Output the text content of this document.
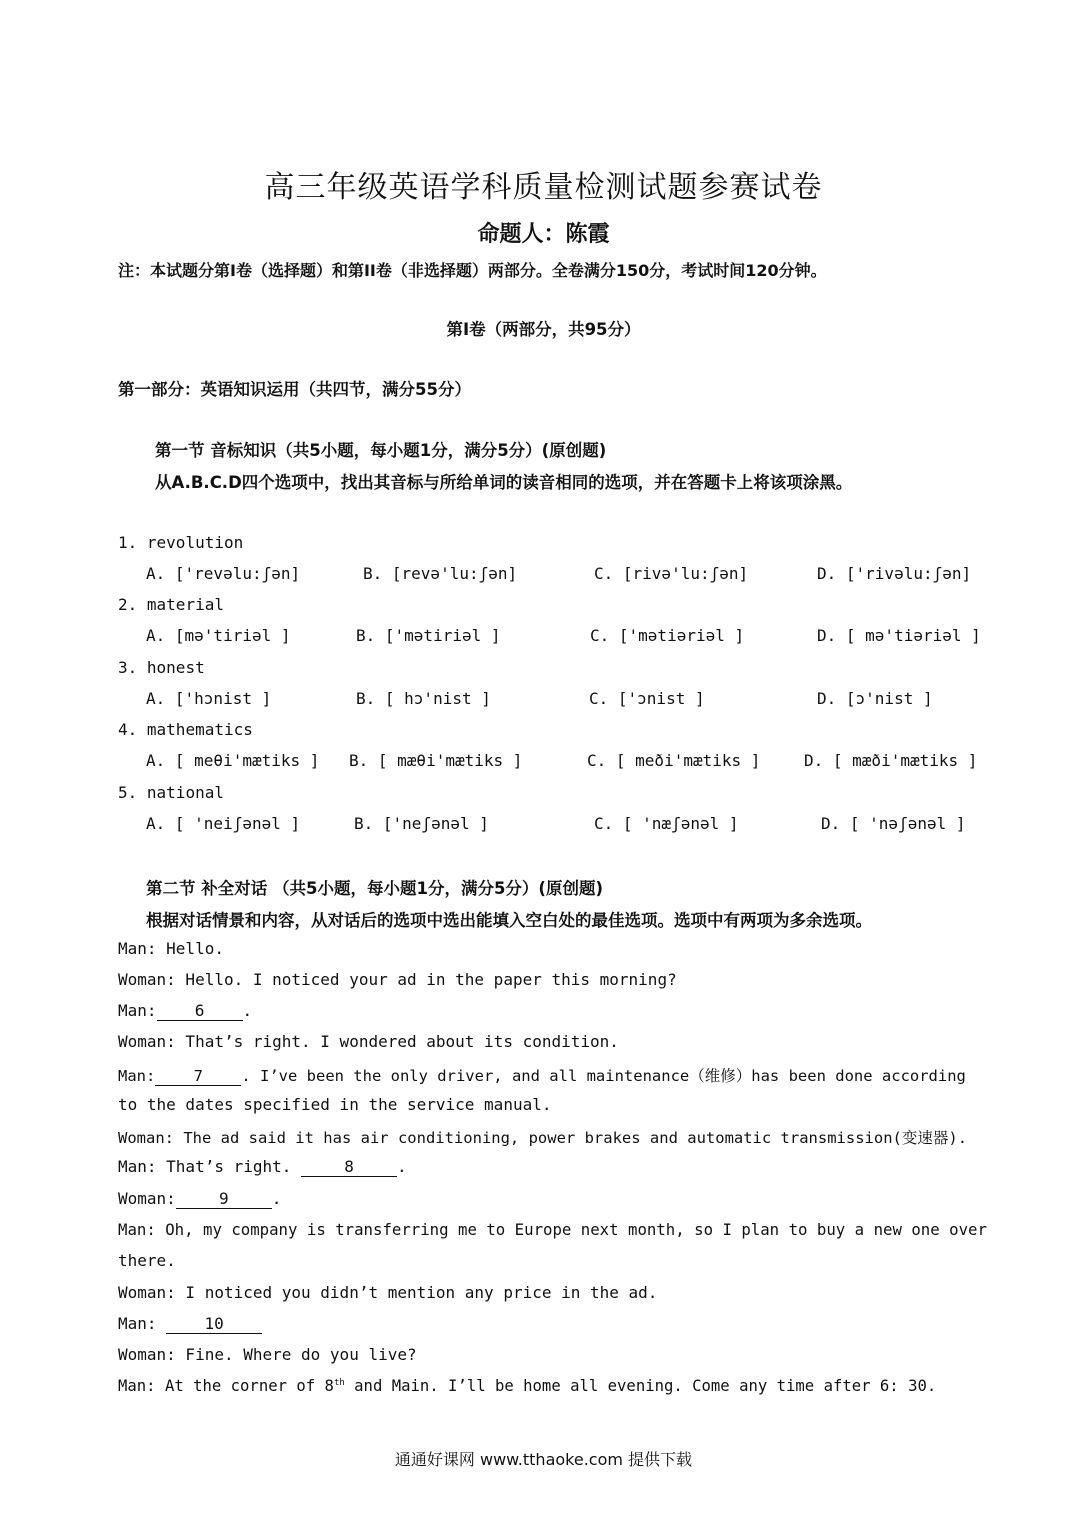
高三年级英语学科质量检测试题参赛试卷
命题人：陈霞
注：本试题分第Ⅰ卷（选择题）和第II卷（非选择题）两部分。全卷满分150分，考试时间120分钟。
第Ⅰ卷（两部分，共95分）
第一部分：英语知识运用（共四节，满分55分）
第一节 音标知识（共5小题，每小题1分，满分5分）(原创题)
从A.B.C.D四个选项中，找出其音标与所给单词的读音相同的选项，并在答题卡上将该项涂黑。
1. revolution
A. ['revəlu:ʃən]	B. [revə'lu:ʃən]	C. [rivə'lu:ʃən]	D. ['rivəlu:ʃən]
2. material
A. [mə'tiriəl ]	B. ['mətiriəl ]	C. ['mətiəriəl ]	D. [ mə'tiəriəl ]
3. honest
A. ['hɔnist ]	B. [ hɔ'nist ]	C. ['ɔnist ]	D. [ɔ'nist ]
4. mathematics
A. [ meθi'mætiks ] B. [ mæθi'mætiks ]	C. [ meði'mætiks ]	D. [ mæði'mætiks ]
5. national
A. [ 'neiʃənəl ]	B. ['neʃənəl ]	C. [ 'næʃənəl ]	D. [ 'nəʃənəl ]
第二节 补全对话 （共5小题，每小题1分，满分5分）(原创题)
根据对话情景和内容，从对话后的选项中选出能填入空白处的最佳选项。选项中有两项为多余选项。
Man: Hello.
Woman: Hello. I noticed your ad in the paper this morning?
Man: 6 .
Woman: That’s right. I wondered about its condition.
Man: 7 . I’ve been the only driver, and all maintenance（维修）has been done according
to the dates specified in the service manual.
Woman: The ad said it has air conditioning, power brakes and automatic transmission(变速器).
Man: That’s right.	8	.
Woman:	9	.
Man: Oh, my company is transferring me to Europe next month, so I plan to buy a new one over
there.
Woman: I noticed you didn’t mention any price in the ad.
Man: 10
Woman: Fine. Where do you live?
Man: At the corner of 8th and Main. I’ll be home all evening. Come any time after 6: 30.
通通好课网 www.tthaoke.com 提供下载
